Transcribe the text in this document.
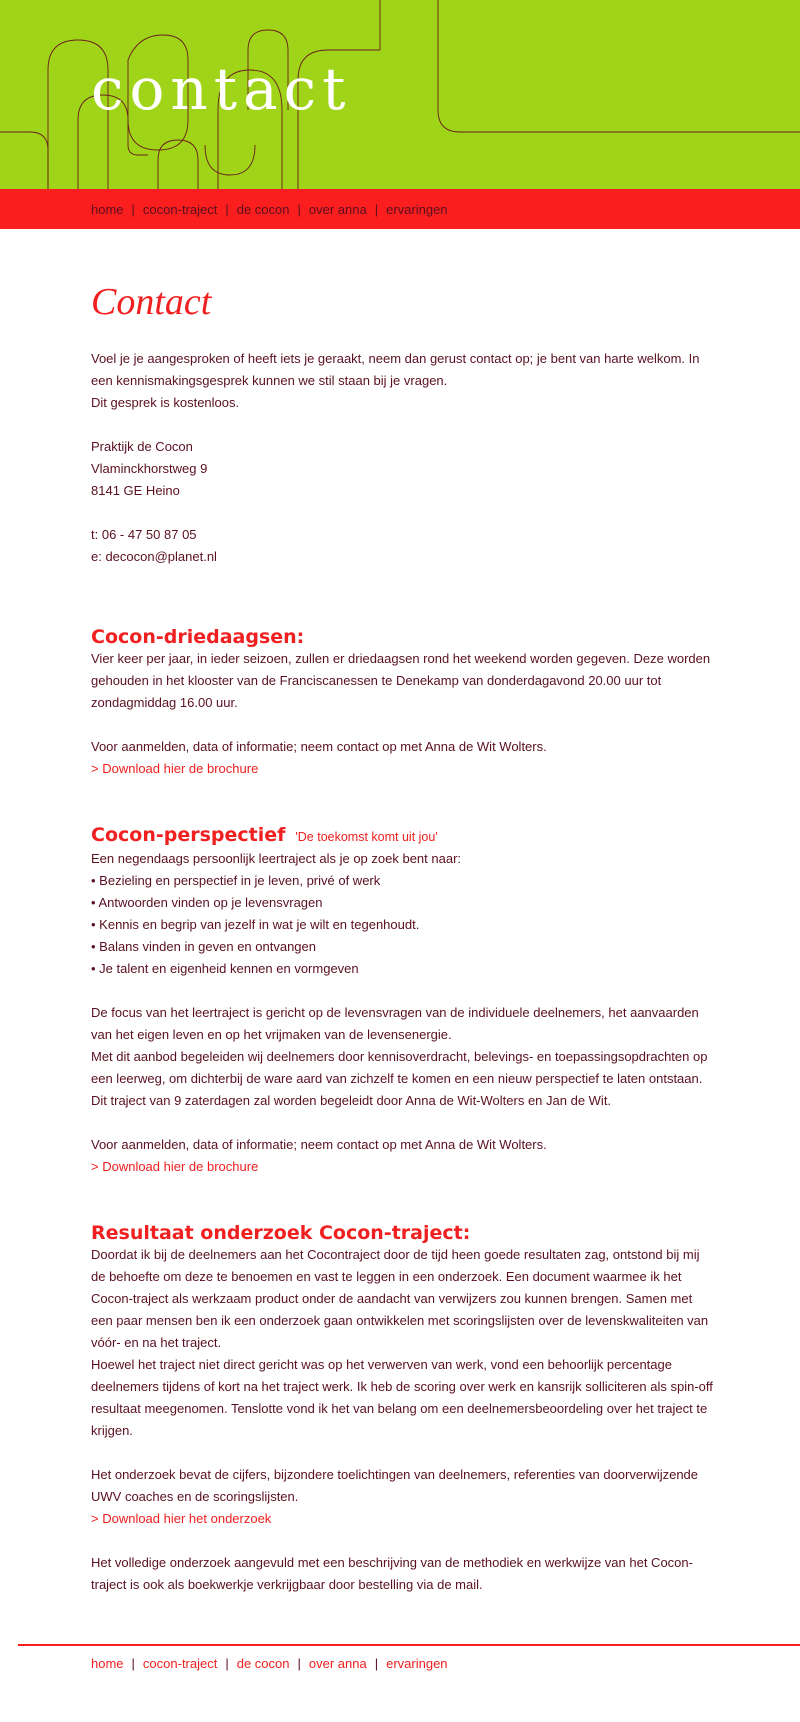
contact
home | cocon-traject | de cocon | over anna | ervaringen
Contact

Voel je je aangesproken of heeft iets je geraakt, neem dan gerust contact op; je bent van harte welkom. In een kennismakingsgesprek kunnen we stil staan bij je vragen.

Dit gesprek is kostenloos.

Praktijk de Cocon

Vlaminckhorstweg 9

8141 GE Heino

t: 06 - 47 50 87 05

e: decocon@planet.nl

Cocon-driedaagsen:

Vier keer per jaar, in ieder seizoen, zullen er driedaagsen rond het weekend worden gegeven. Deze worden gehouden in het klooster van de Franciscanessen te Denekamp van donderdagavond 20.00 uur tot zondagmiddag 16.00 uur.

Voor aanmelden, data of informatie; neem contact op met Anna de Wit Wolters.

> Download hier de brochure

Cocon-perspectief 'De toekomst komt uit jou'

Een negendaags persoonlijk leertraject als je op zoek bent naar:

• Bezieling en perspectief in je leven, privé of werk

• Antwoorden vinden op je levensvragen

• Kennis en begrip van jezelf in wat je wilt en tegenhoudt.

• Balans vinden in geven en ontvangen

• Je talent en eigenheid kennen en vormgeven

De focus van het leertraject is gericht op de levensvragen van de individuele deelnemers, het aanvaarden van het eigen leven en op het vrijmaken van de levensenergie.

Met dit aanbod begeleiden wij deelnemers door kennisoverdracht, belevings- en toepassingsopdrachten op een leerweg, om dichterbij de ware aard van zichzelf te komen en een nieuw perspectief te laten ontstaan.

Dit traject van 9 zaterdagen zal worden begeleidt door Anna de Wit-Wolters en Jan de Wit.

Voor aanmelden, data of informatie; neem contact op met Anna de Wit Wolters.

> Download hier de brochure

Resultaat onderzoek Cocon-traject:

Doordat ik bij de deelnemers aan het Cocontraject door de tijd heen goede resultaten zag, ontstond bij mij de behoefte om deze te benoemen en vast te leggen in een onderzoek. Een document waarmee ik het Cocon-traject als werkzaam product onder de aandacht van verwijzers zou kunnen brengen. Samen met een paar mensen ben ik een onderzoek gaan ontwikkelen met scoringslijsten over de levenskwaliteiten van vóór- en na het traject.

Hoewel het traject niet direct gericht was op het verwerven van werk, vond een behoorlijk percentage deelnemers tijdens of kort na het traject werk. Ik heb de scoring over werk en kansrijk solliciteren als spin-off resultaat meegenomen. Tenslotte vond ik het van belang om een deelnemersbeoordeling over het traject te krijgen.

Het onderzoek bevat de cijfers, bijzondere toelichtingen van deelnemers, referenties van doorverwijzende UWV coaches en de scoringslijsten.

> Download hier het onderzoek

Het volledige onderzoek aangevuld met een beschrijving van de methodiek en werkwijze van het Cocon-traject is ook als boekwerkje verkrijgbaar door bestelling via de mail.

home | cocon-traject | de cocon | over anna | ervaringen
